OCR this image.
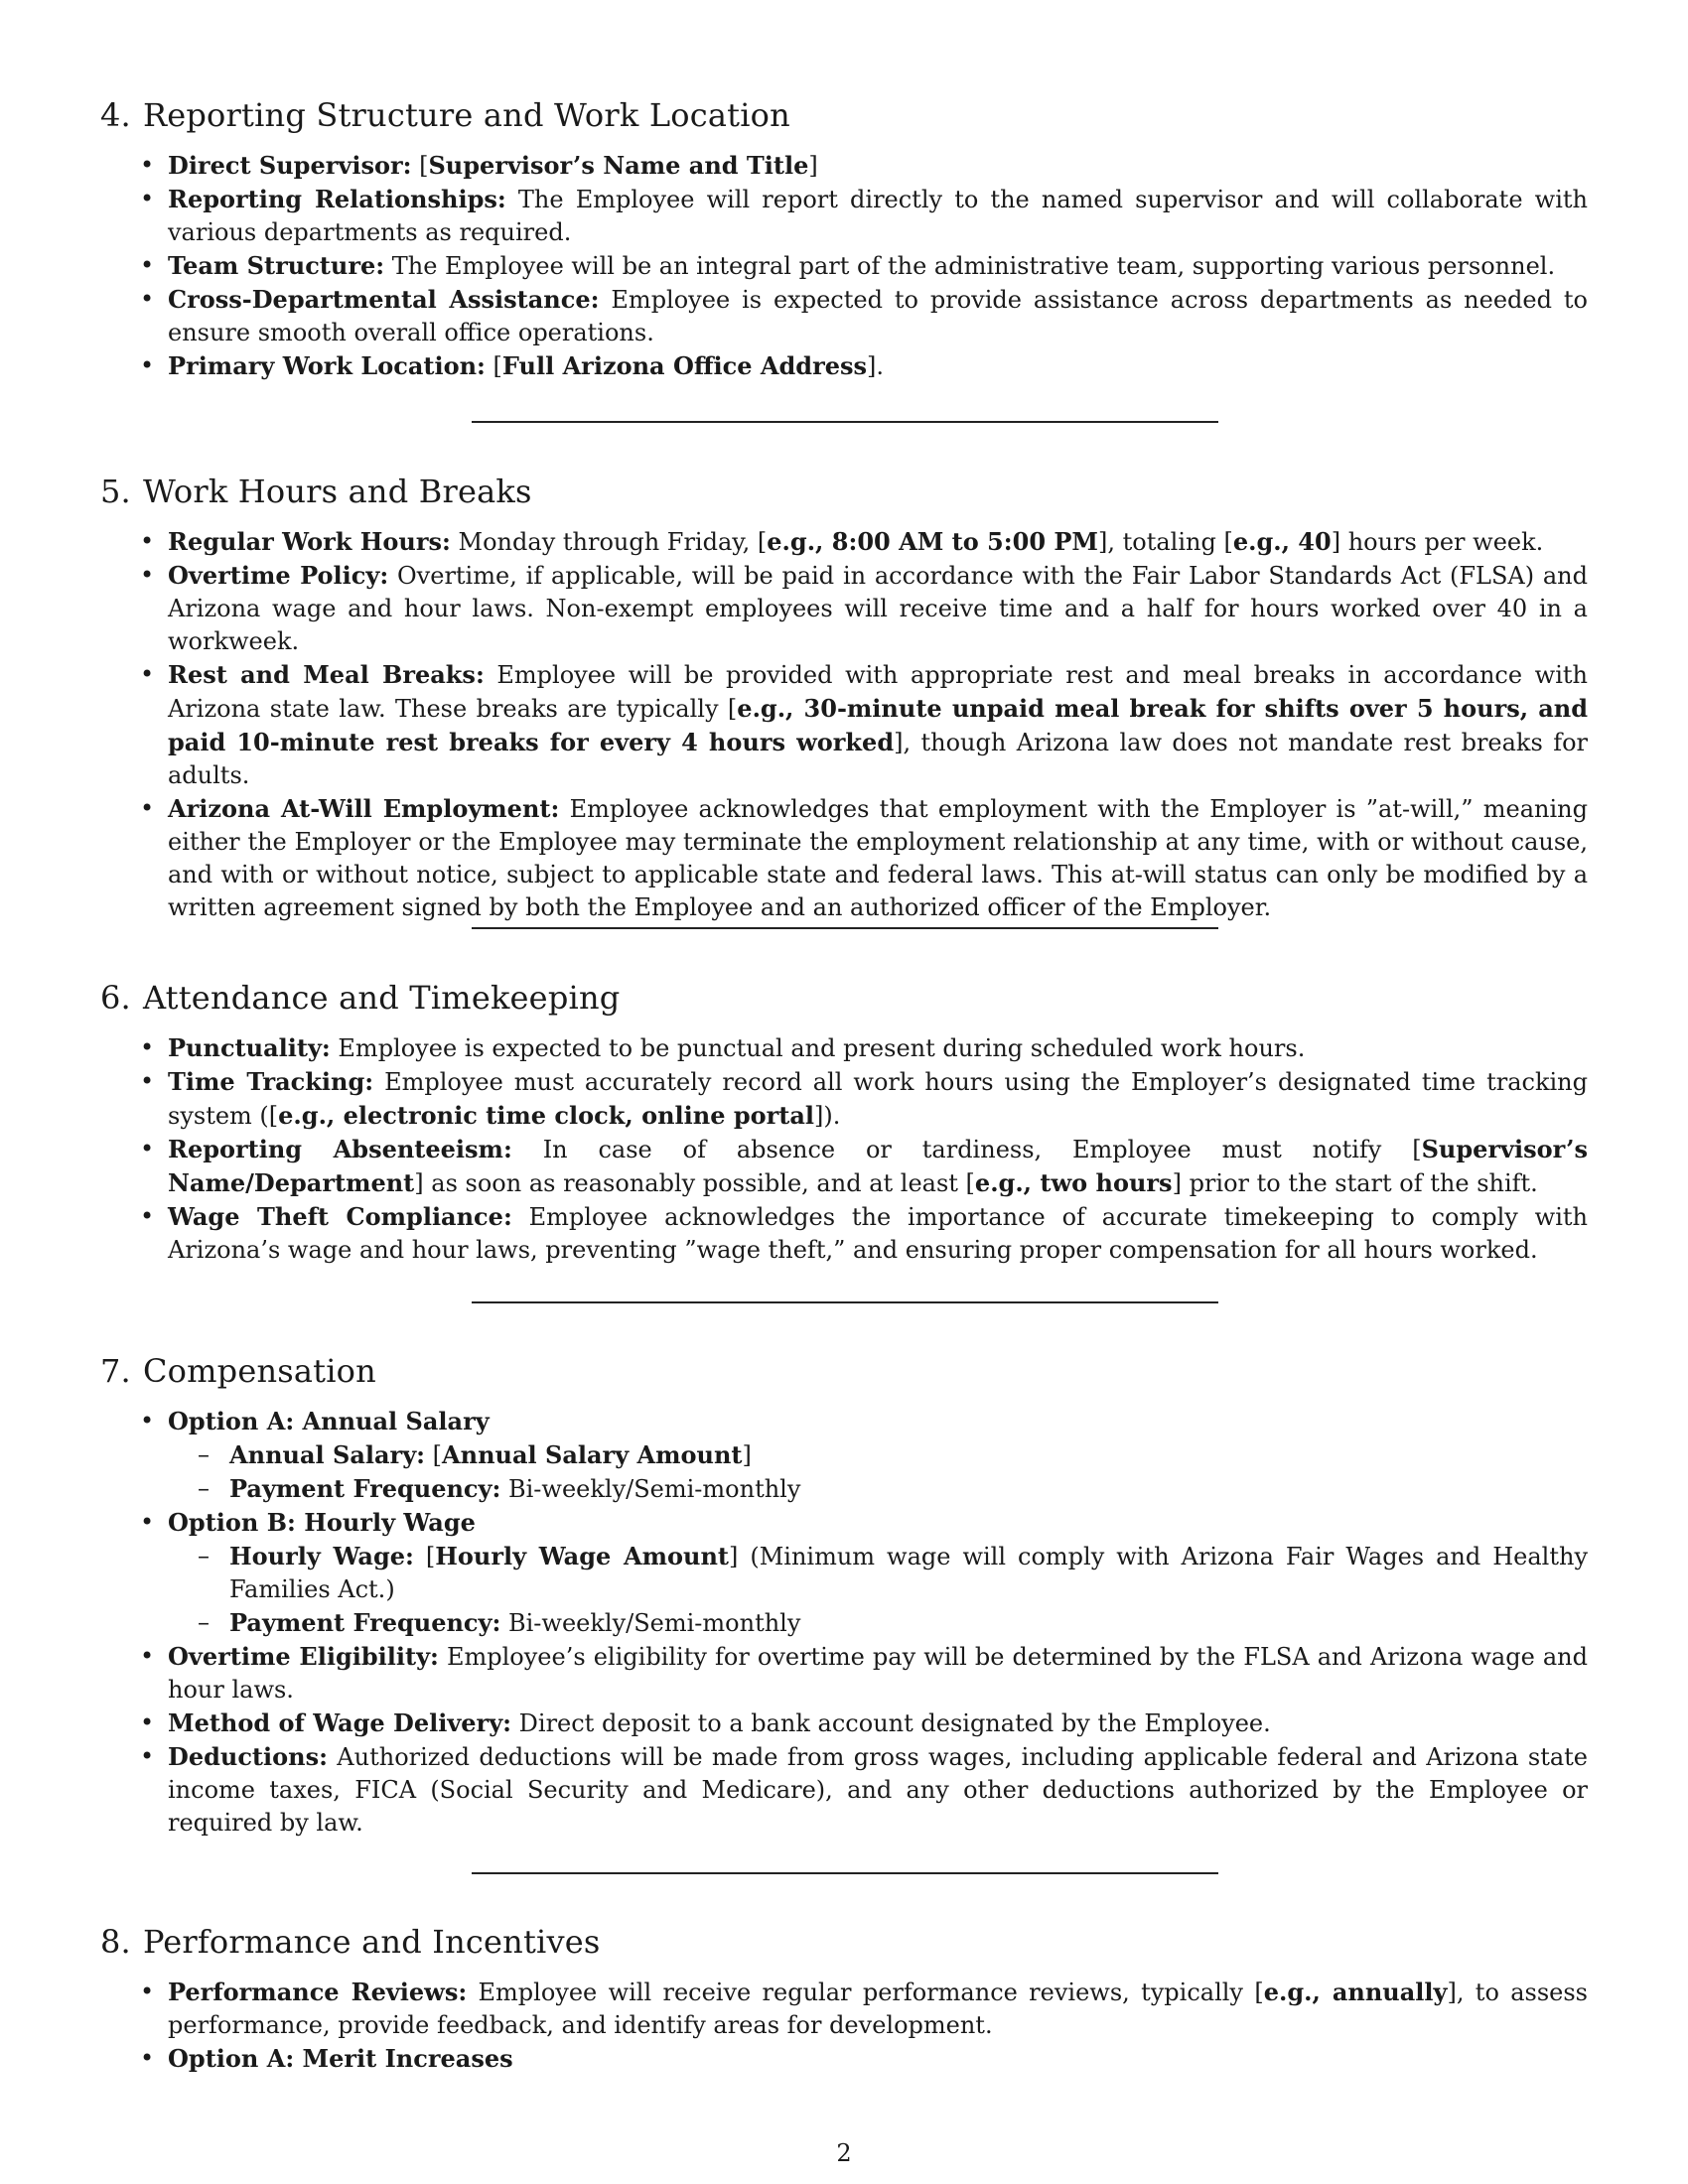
4. Reporting Structure and Work Location
• Direct Supervisor: [Supervisor’s Name and Title]
• Reporting Relationships: The Employee will report directly to the named supervisor and will collaborate with various departments as required.
• Team Structure: The Employee will be an integral part of the administrative team, supporting various personnel.
• Cross-Departmental Assistance: Employee is expected to provide assistance across departments as needed to ensure smooth overall office operations.
• Primary Work Location: [Full Arizona Office Address].
5. Work Hours and Breaks
• Regular Work Hours: Monday through Friday, [e.g., 8:00 AM to 5:00 PM], totaling [e.g., 40] hours per week.
• Overtime Policy: Overtime, if applicable, will be paid in accordance with the Fair Labor Standards Act (FLSA) and Arizona wage and hour laws. Non-exempt employees will receive time and a half for hours worked over 40 in a workweek.
• Rest and Meal Breaks: Employee will be provided with appropriate rest and meal breaks in accordance with Arizona state law. These breaks are typically [e.g., 30-minute unpaid meal break for shifts over 5 hours, and paid 10-minute rest breaks for every 4 hours worked], though Arizona law does not mandate rest breaks for adults.
• Arizona At-Will Employment: Employee acknowledges that employment with the Employer is ”at-will,” meaning either the Employer or the Employee may terminate the employment relationship at any time, with or without cause, and with or without notice, subject to applicable state and federal laws. This at-will status can only be modified by a written agreement signed by both the Employee and an authorized officer of the Employer.
6. Attendance and Timekeeping
• Punctuality: Employee is expected to be punctual and present during scheduled work hours.
• Time Tracking: Employee must accurately record all work hours using the Employer’s designated time tracking system ([e.g., electronic time clock, online portal]).
• Reporting Absenteeism: In case of absence or tardiness, Employee must notify [Supervisor’s Name/Department] as soon as reasonably possible, and at least [e.g., two hours] prior to the start of the shift.
• Wage Theft Compliance: Employee acknowledges the importance of accurate timekeeping to comply with Arizona’s wage and hour laws, preventing ”wage theft,” and ensuring proper compensation for all hours worked.
7. Compensation
• Option A: Annual Salary
– Annual Salary: [Annual Salary Amount]
– Payment Frequency: Bi-weekly/Semi-monthly
• Option B: Hourly Wage
– Hourly Wage: [Hourly Wage Amount] (Minimum wage will comply with Arizona Fair Wages and Healthy Families Act.)
– Payment Frequency: Bi-weekly/Semi-monthly
• Overtime Eligibility: Employee’s eligibility for overtime pay will be determined by the FLSA and Arizona wage and hour laws.
• Method of Wage Delivery: Direct deposit to a bank account designated by the Employee.
• Deductions: Authorized deductions will be made from gross wages, including applicable federal and Arizona state income taxes, FICA (Social Security and Medicare), and any other deductions authorized by the Employee or required by law.
8. Performance and Incentives
• Performance Reviews: Employee will receive regular performance reviews, typically [e.g., annually], to assess performance, provide feedback, and identify areas for development.
• Option A: Merit Increases
2
